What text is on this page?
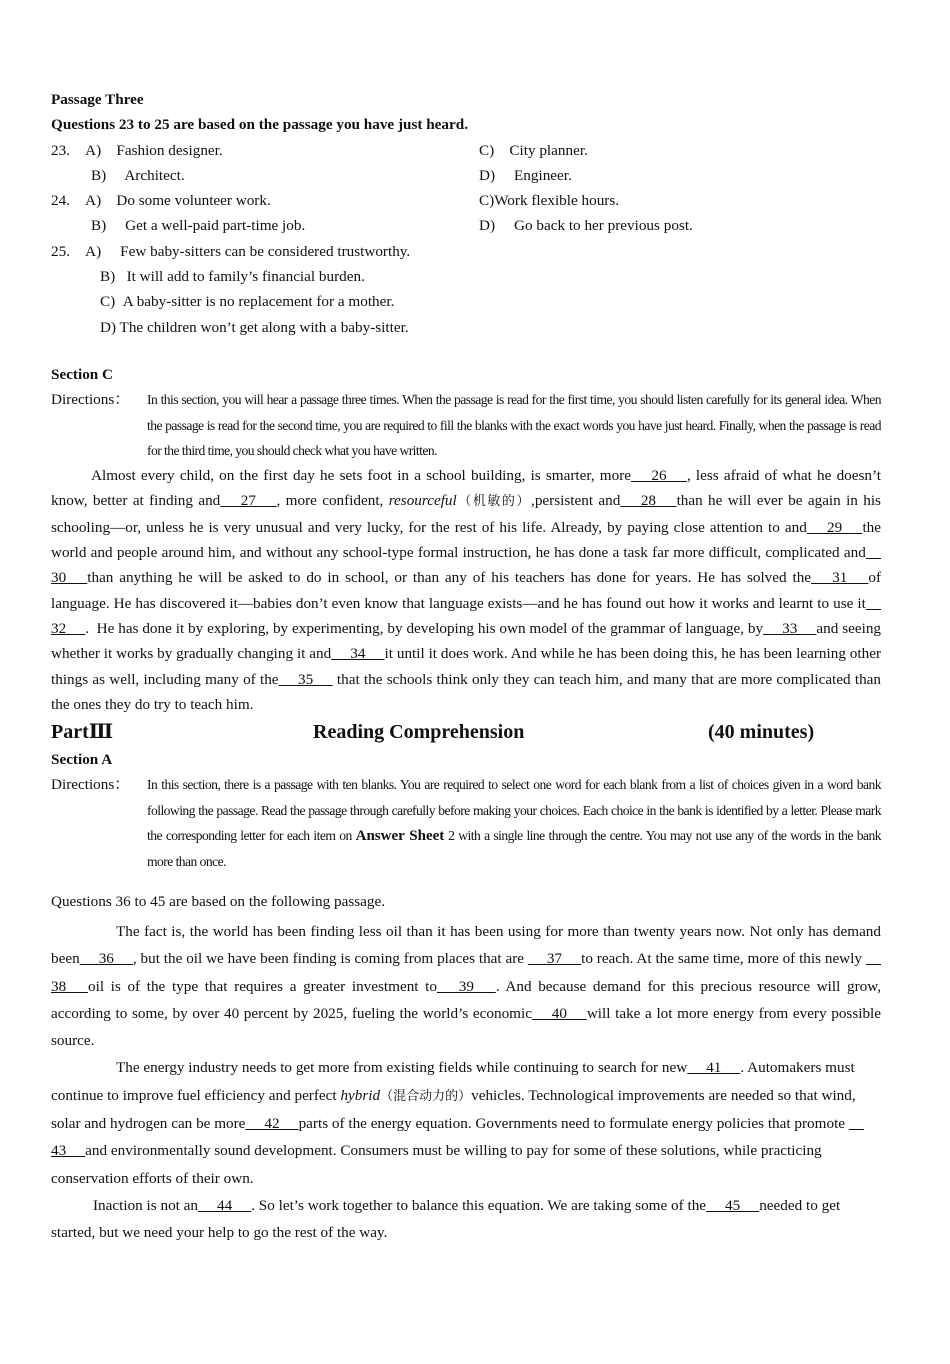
Passage Three
Questions 23 to 25 are based on the passage you have just heard.
23. A) Fashion designer.	C) City planner.
B)  Architect.	D)  Engineer.
24. A) Do some volunteer work.	C)Work flexible hours.
B)  Get a well-paid part-time job.	D)  Go back to her previous post.
25. A)  Few baby-sitters can be considered trustworthy.
B)  It will add to family’s financial burden.
C) A baby-sitter is no replacement for a mother.
D) The children won’t get along with a baby-sitter.
Section C
Directions：	In this section, you will hear a passage three times. When the passage is read for the first time, you should listen carefully for its general idea. When the passage is read for the second time, you are required to fill the blanks with the exact words you have just heard. Finally, when the passage is read for the third time, you should check what you have written.
Almost every child, on the first day he sets foot in a school building, is smarter, more  26  , less afraid of what he doesn’t know, better at finding and  27  , more confident, resourceful（机敏的）,persistent and  28  than he will ever be again in his schooling—or, unless he is very unusual and very lucky, for the rest of his life. Already, by paying close attention to and  29  the world and people around him, and without any school-type formal instruction, he has done a task far more difficult, complicated and  30  than anything he will be asked to do in school, or than any of his teachers has done for years. He has solved the  31  of language. He has discovered it—babies don’t even know that language exists—and he has found out how it works and learnt to use it  32  . He has done it by exploring, by experimenting, by developing his own model of the grammar of language, by  33  and seeing whether it works by gradually changing it and  34  it until it does work. And while he has been doing this, he has been learning other things as well, including many of the  35   that the schools think only they can teach him, and many that are more complicated than the ones they do try to teach him.
PartⅢ	Reading Comprehension	(40 minutes)
Section A
Directions：	In this section, there is a passage with ten blanks. You are required to select one word for each blank from a list of choices given in a word bank following the passage. Read the passage through carefully before making your choices. Each choice in the bank is identified by a letter. Please mark the corresponding letter for each item on Answer Sheet 2 with a single line through the centre. You may not use any of the words in the bank more than once.
Questions 36 to 45 are based on the following passage.
The fact is, the world has been finding less oil than it has been using for more than twenty years now. Not only has demand been  36  , but the oil we have been finding is coming from places that are   37  to reach. At the same time, more of this newly   38  oil is of the type that requires a greater investment to  39  . And because demand for this precious resource will grow, according to some, by over 40 percent by 2025, fueling the world’s economic  40  will take a lot more energy from every possible source.
The energy industry needs to get more from existing fields while continuing to search for new  41  . Automakers must continue to improve fuel efficiency and perfect hybrid（混合动力的）vehicles. Technological improvements are needed so that wind, solar and hydrogen can be more  42  parts of the energy equation. Governments need to formulate energy policies that promote   43  and environmentally sound development. Consumers must be willing to pay for some of these solutions, while practicing conservation efforts of their own.
Inaction is not an  44  . So let’s work together to balance this equation. We are taking some of the  45  needed to get started, but we need your help to go the rest of the way.
